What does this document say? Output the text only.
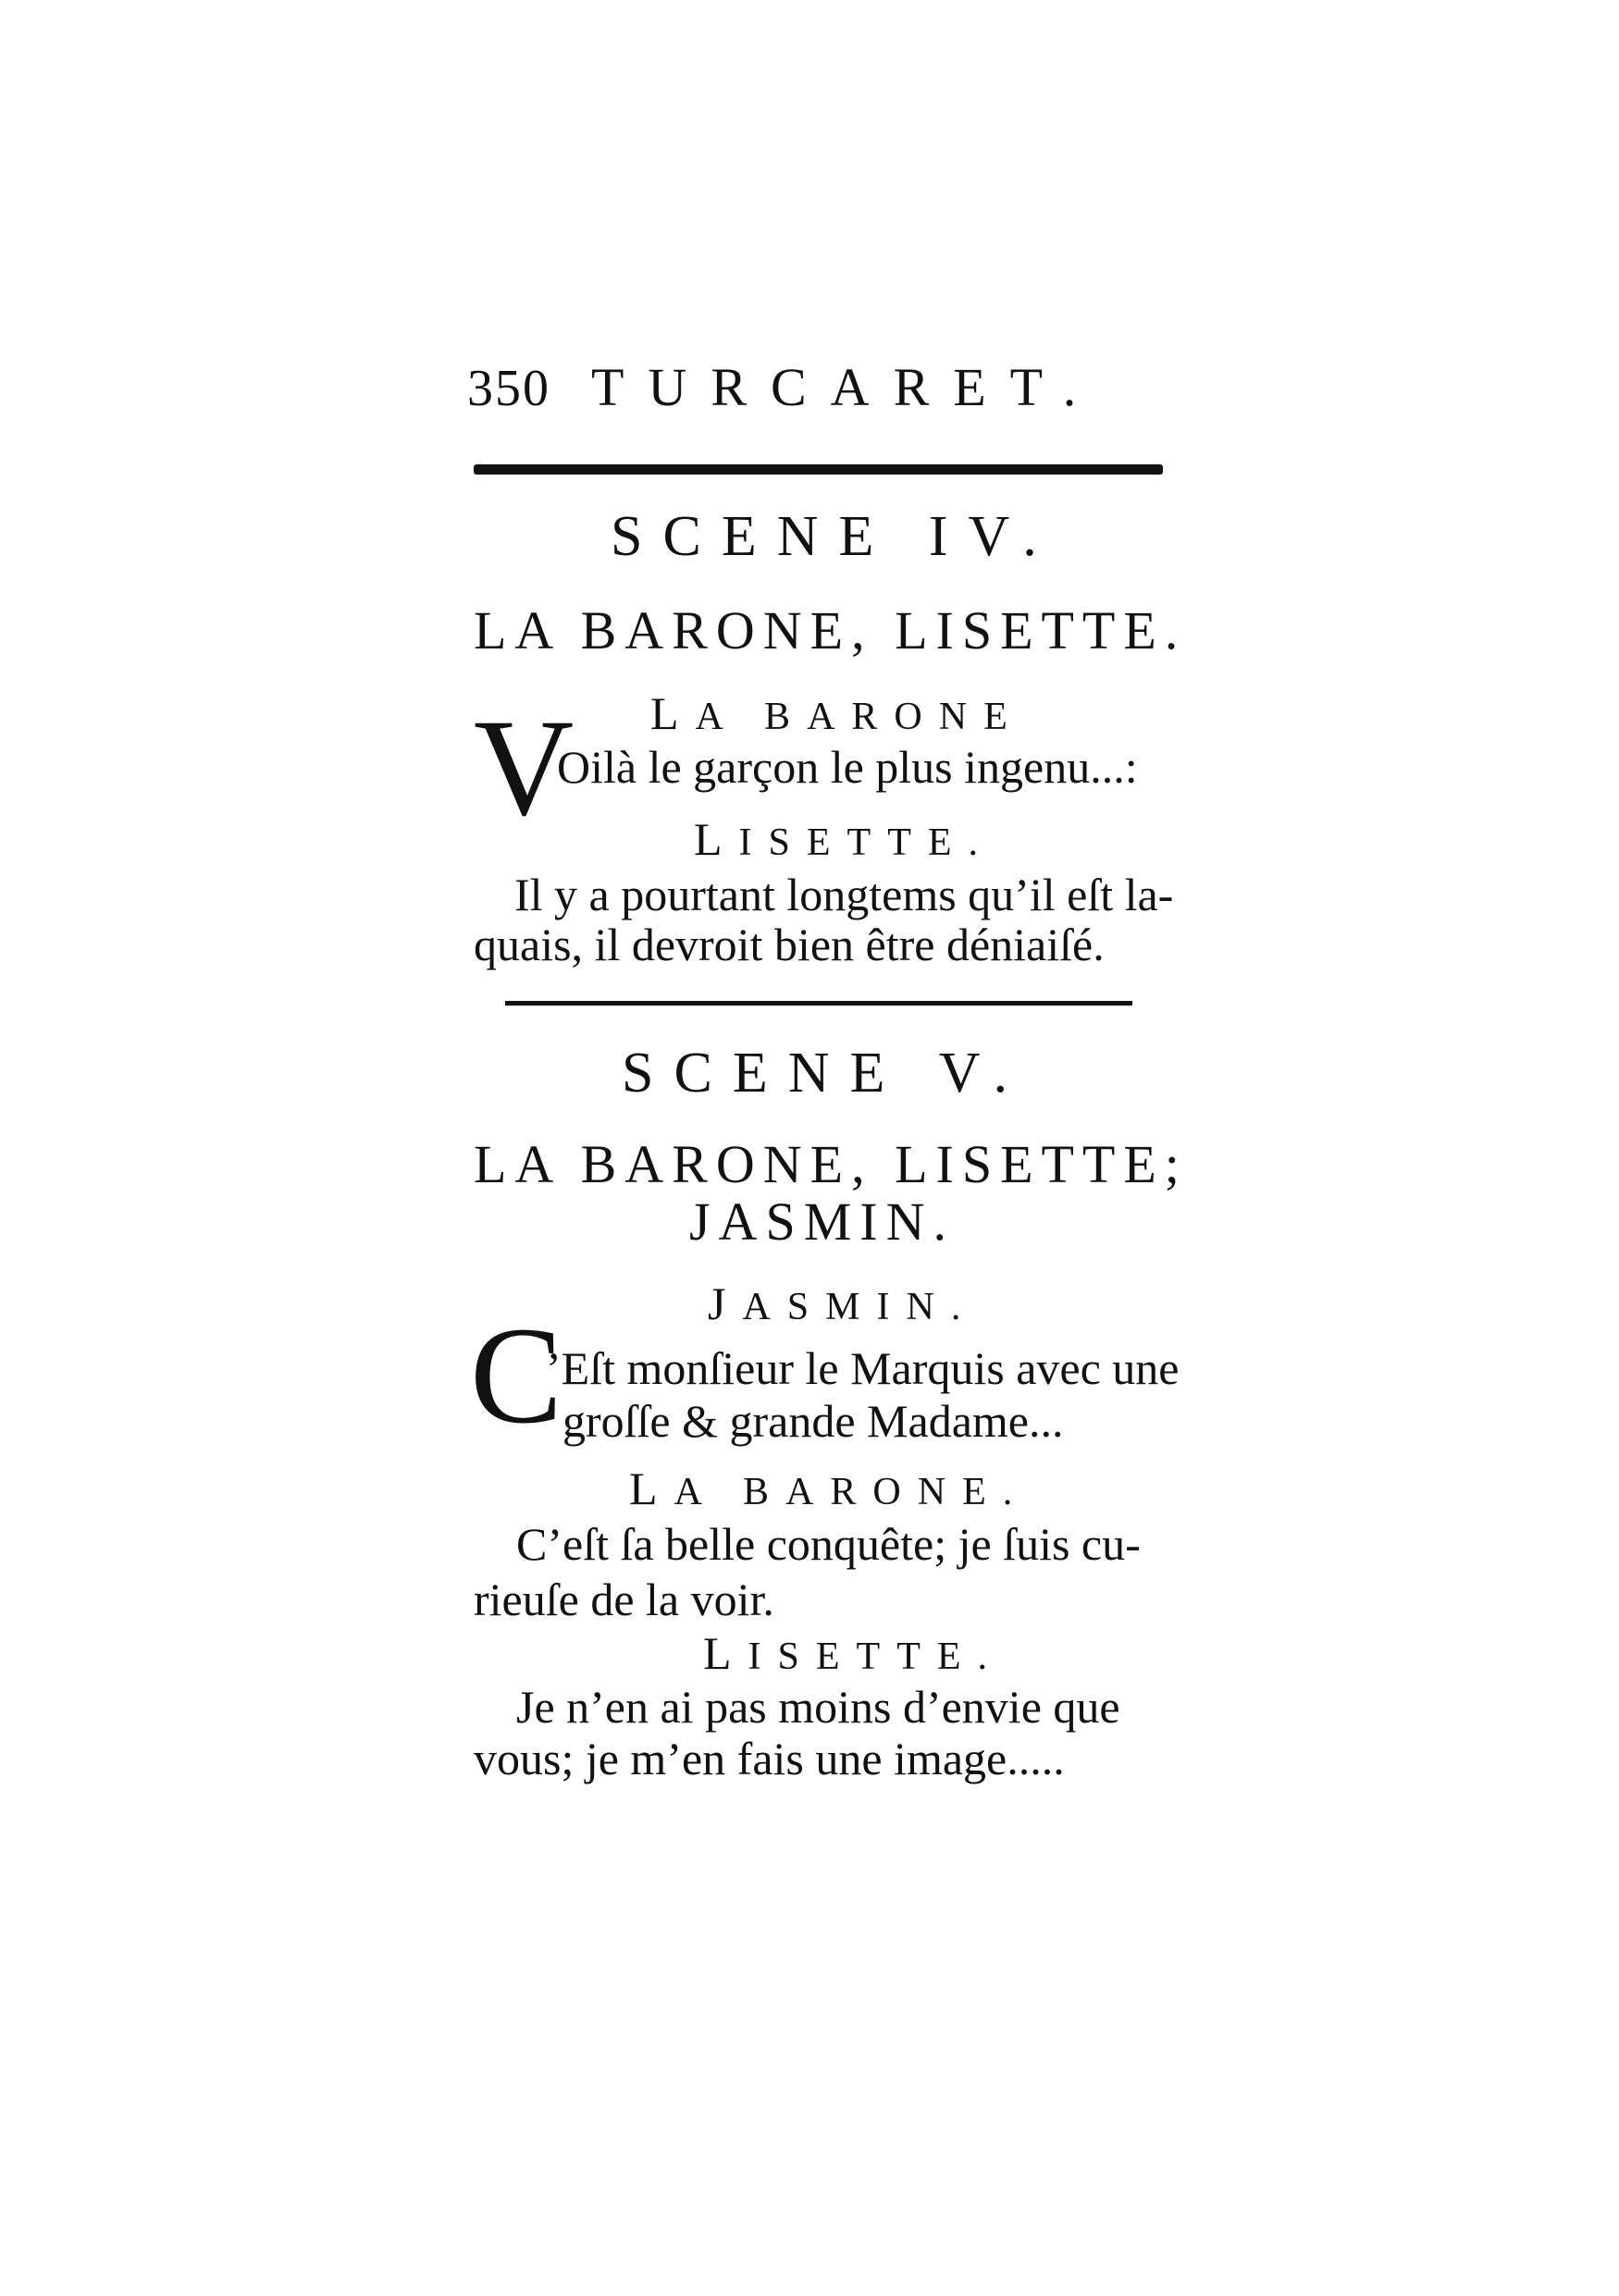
350 TURCARET.
SCENE IV.
LA BARONE, LISETTE.
LA BARONE
V
Oilà le garçon le plus ingenu...:
LISETTE.
Il y a pourtant longtems qu’il eſt la-
quais, il devroit bien être déniaiſé.
SCENE V.
LA BARONE, LISETTE;
JASMIN.
JASMIN.
C
’Eſt monſieur le Marquis avec une
groſſe & grande Madame...
LA BARONE.
C’eſt ſa belle conquête; je ſuis cu-
rieuſe de la voir.
LISETTE.
Je n’en ai pas moins d’envie que
vous; je m’en fais une image.....
